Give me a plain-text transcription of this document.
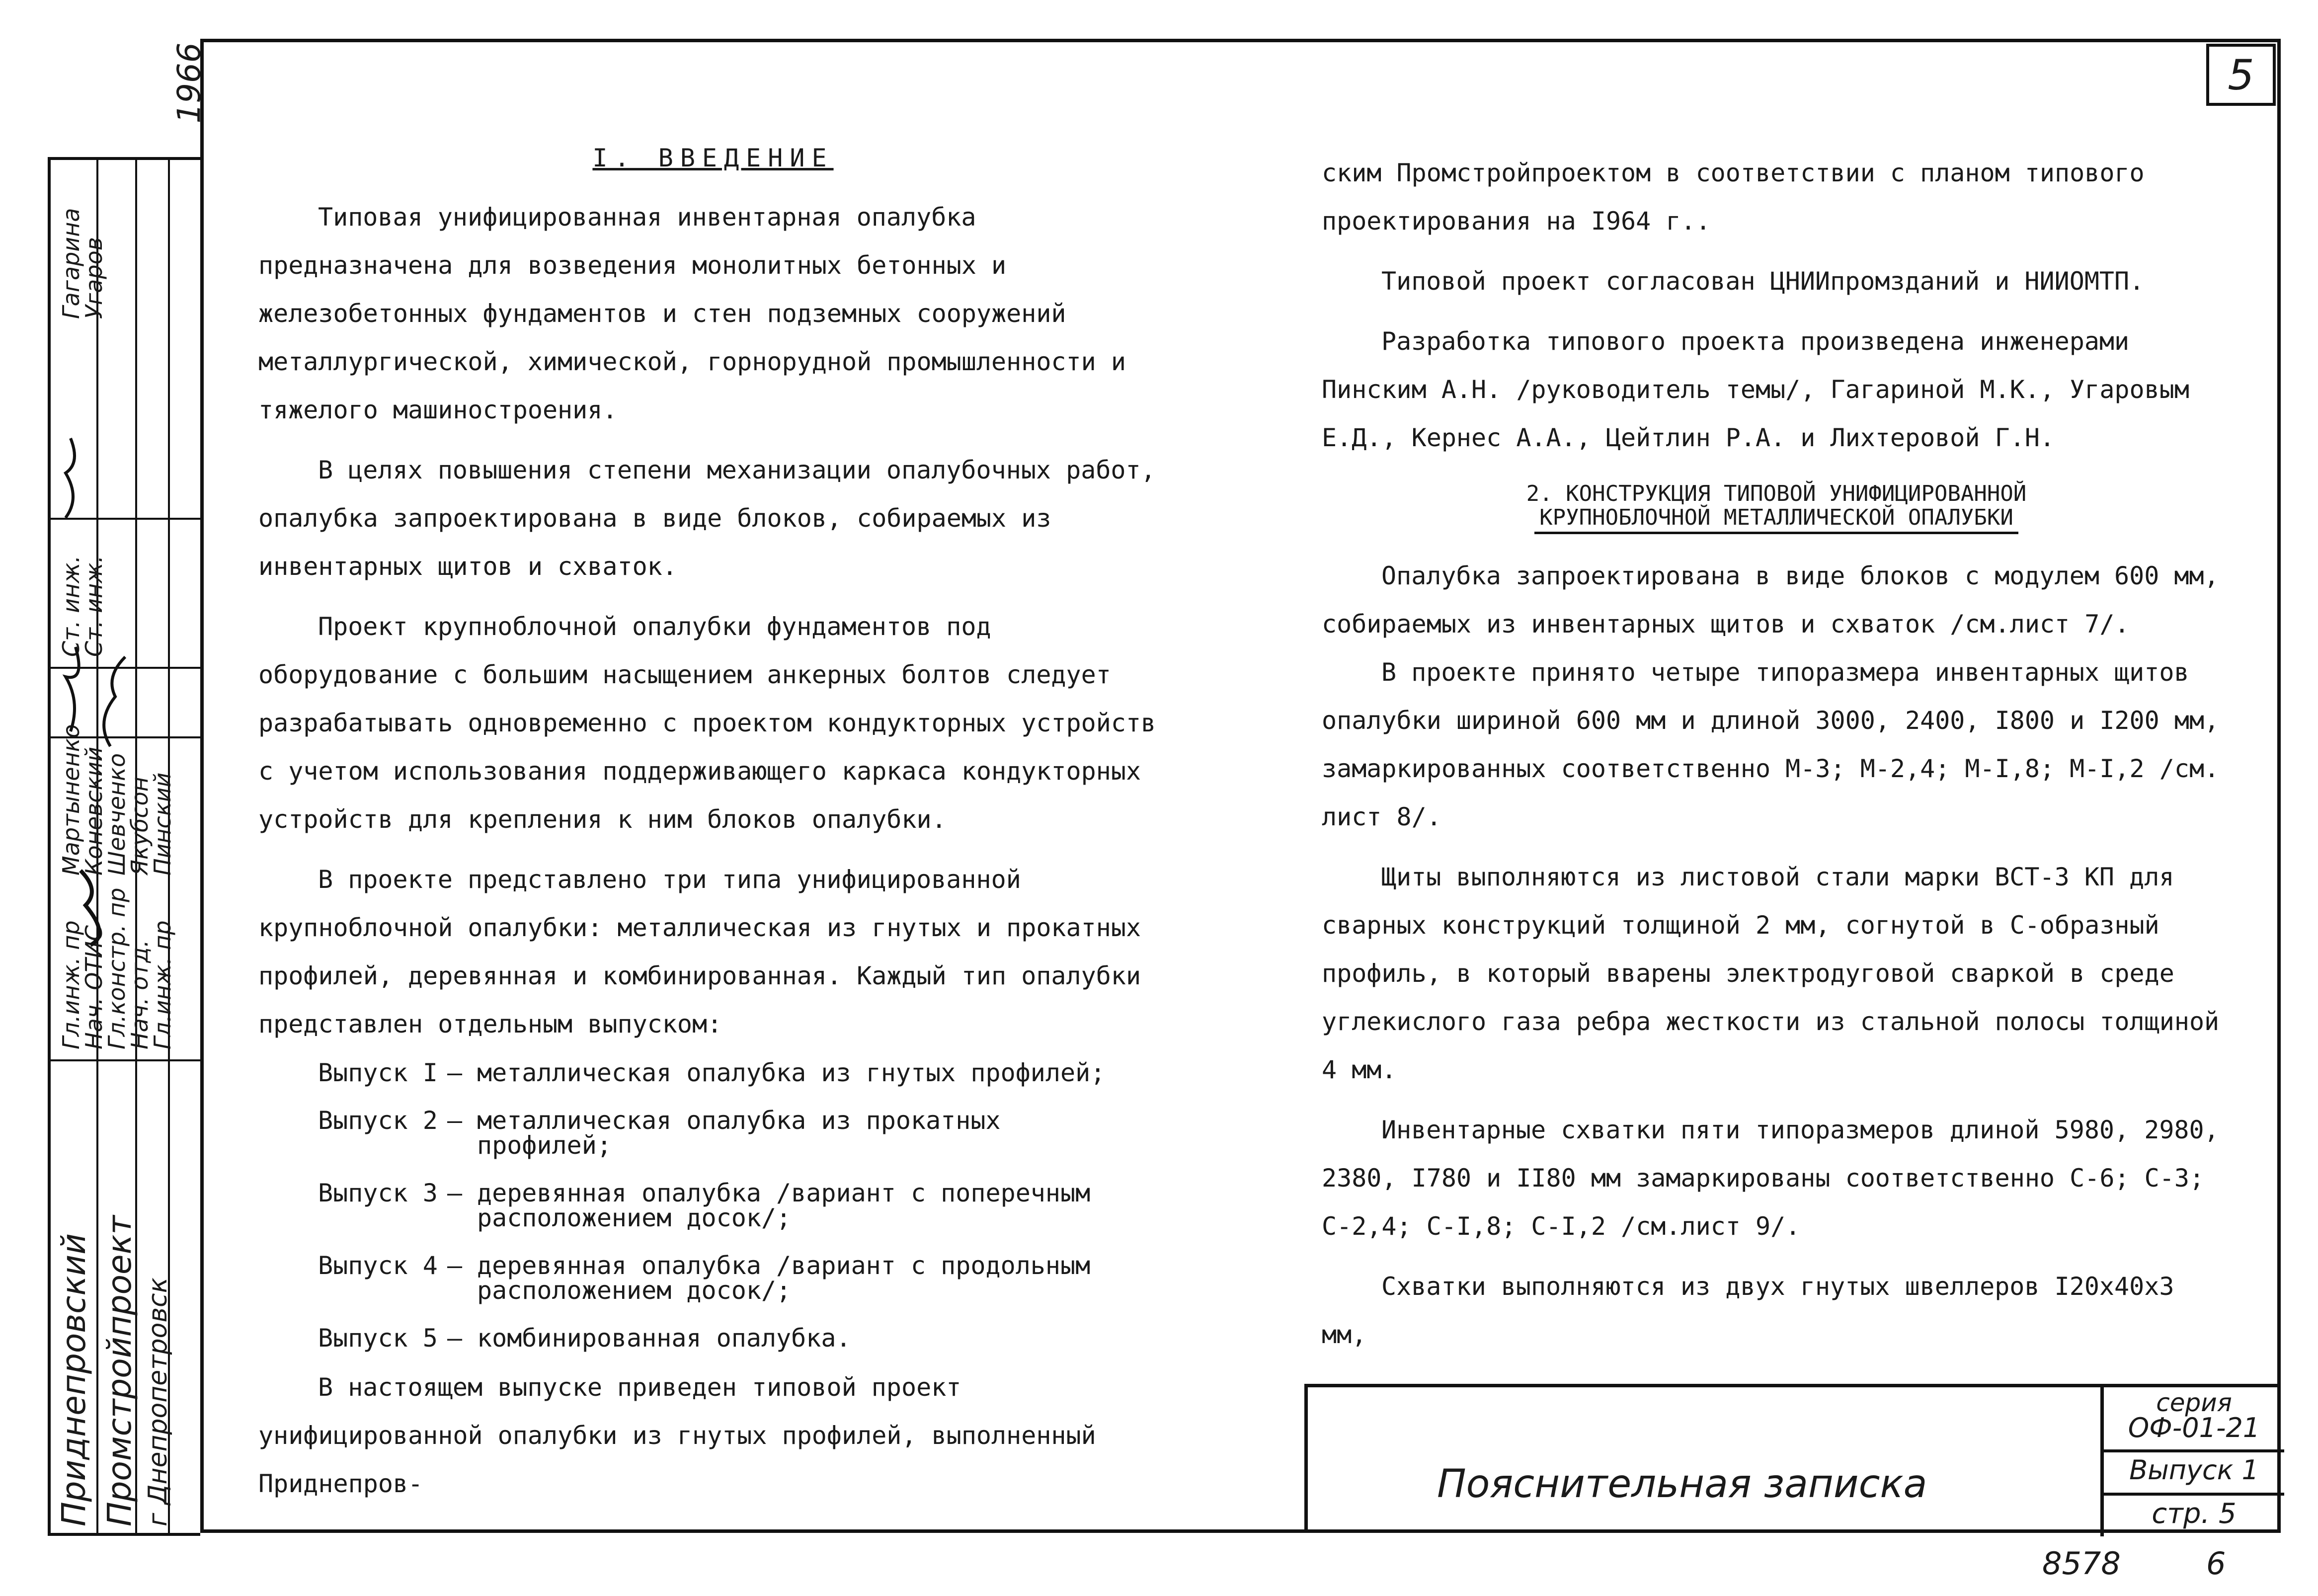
5
1966
Приднепровский Промстройпроект г Днепропетровск
Гл.инж. пр
Нач. ОТИС
Гл.констр. пр
Нач. отд.
Гл.инж. пр
Мартыненко
Коневский
Шевченко
Якубсон
Пинский
Ст. инж.
Ст. инж.
Гагарина
Угаров

I. ВВЕДЕНИЕ

Типовая унифицированная инвентарная опалубка предназначена для возведения монолитных бетонных и железобетонных фундаментов и стен подземных сооружений металлургической, химической, горнорудной промышленности и тяжелого машиностроения.

В целях повышения степени механизации опалубочных работ, опалубка запроектирована в виде блоков, собираемых из инвентарных щитов и схваток.

Проект крупноблочной опалубки фундаментов под оборудование с большим насыщением анкерных болтов следует разрабатывать одновременно с проектом кондукторных устройств с учетом использования поддерживающего каркаса кондукторных устройств для крепления к ним блоков опалубки.

В проекте представлено три типа унифицированной крупноблочной опалубки: металлическая из гнутых и прокатных профилей, деревянная и комбинированная. Каждый тип опалубки представлен отдельным выпуском:

Выпуск I – металлическая опалубка из гнутых профилей;
Выпуск 2 – металлическая опалубка из прокатных профилей;
Выпуск 3 – деревянная опалубка /вариант с поперечным расположением досок/;
Выпуск 4 – деревянная опалубка /вариант с продольным расположением досок/;
Выпуск 5 – комбинированная опалубка.

В настоящем выпуске приведен типовой проект унифицированной опалубки из гнутых профилей, выполненный Приднепров-

ским Промстройпроектом в соответствии с планом типового проектирования на I964 г..

Типовой проект согласован ЦНИИпромзданий и НИИОМТП.

Разработка типового проекта произведена инженерами Пинским А.Н. /руководитель темы/, Гагариной М.К., Угаровым Е.Д., Кернес А.А., Цейтлин Р.А. и Лихтеровой Г.Н.

2. КОНСТРУКЦИЯ ТИПОВОЙ УНИФИЦИРОВАННОЙ
КРУПНОБЛОЧНОЙ МЕТАЛЛИЧЕСКОЙ ОПАЛУБКИ

Опалубка запроектирована в виде блоков с модулем 600 мм, собираемых из инвентарных щитов и схваток /см.лист 7/.

В проекте принято четыре типоразмера инвентарных щитов опалубки шириной 600 мм и длиной 3000, 2400, I800 и I200 мм, замаркированных соответственно М-3; М-2,4; М-I,8; М-I,2 /см. лист 8/.

Щиты выполняются из листовой стали марки ВСТ-3 КП для сварных конструкций толщиной 2 мм, согнутой в С-образный профиль, в который вварены электродуговой сваркой в среде углекислого газа ребра жесткости из стальной полосы толщиной 4 мм.

Инвентарные схватки пяти типоразмеров длиной 5980, 2980, 2380, I780 и II80 мм замаркированы соответственно С-6; С-3; С-2,4; С-I,8; С-I,2 /см.лист 9/.

Схватки выполняются из двух гнутых швеллеров I20х40х3 мм,

Пояснительная записка
серия
ОФ-01-21
Выпуск 1
стр. 5
8578	6
